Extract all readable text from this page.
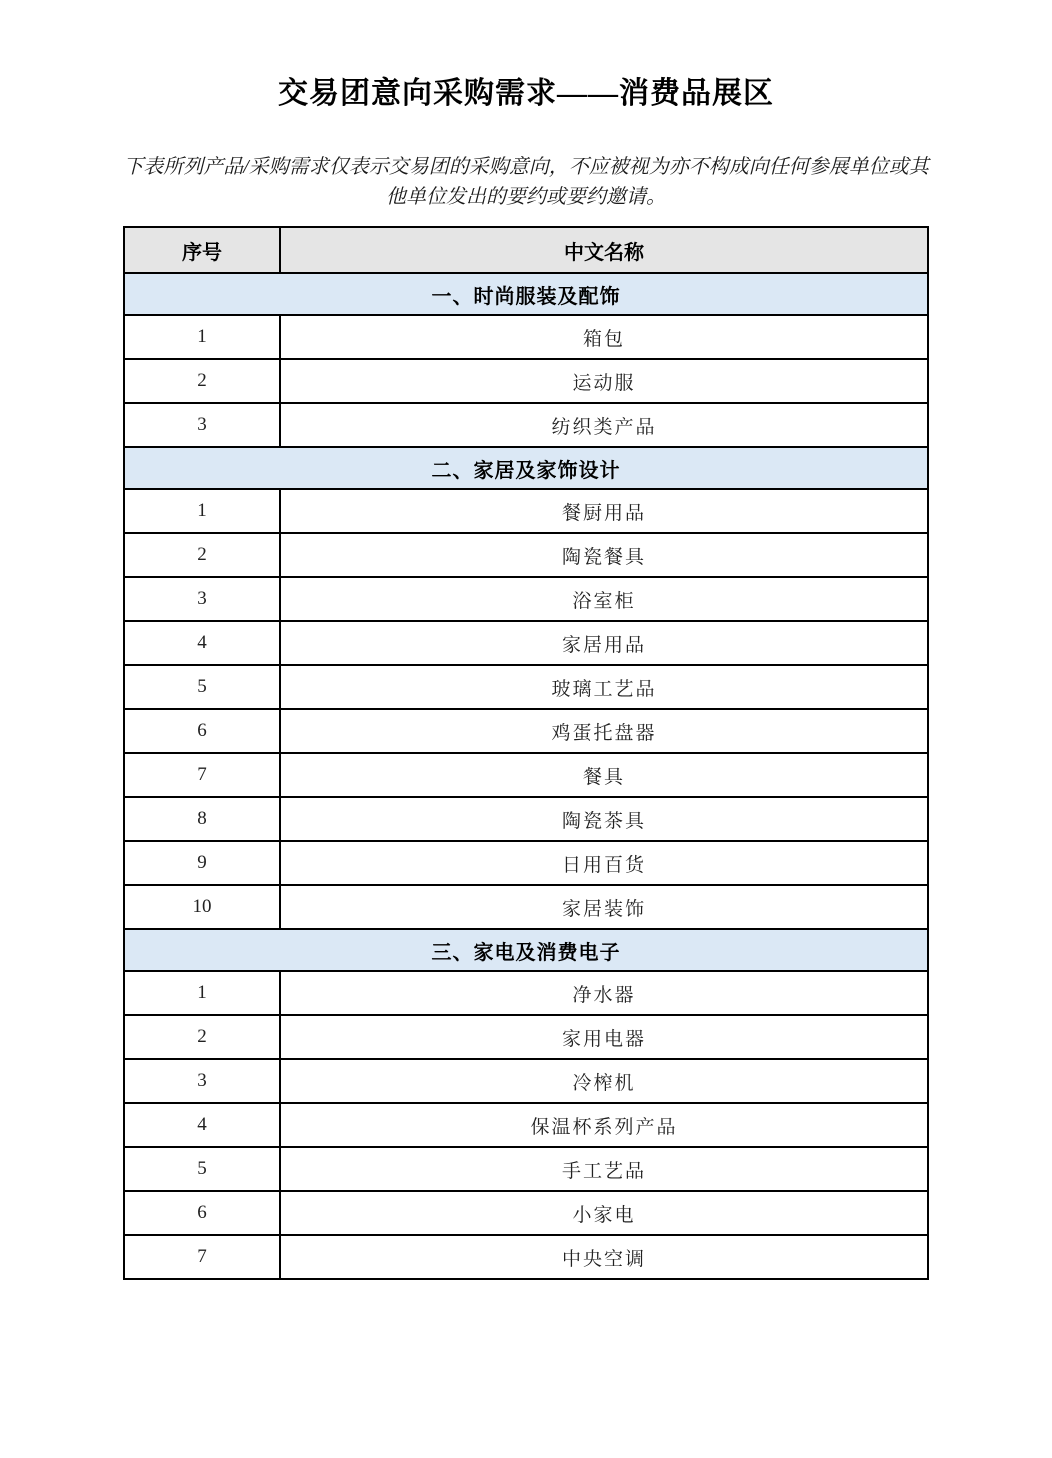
交易团意向采购需求——消费品展区

下表所列产品/采购需求仅表示交易团的采购意向，不应被视为亦不构成向任何参展单位或其他单位发出的要约或要约邀请。

序号	中文名称
一、时尚服装及配饰	
1	箱包
2	运动服
3	纺织类产品
二、家居及家饰设计	
1	餐厨用品
2	陶瓷餐具
3	浴室柜
4	家居用品
5	玻璃工艺品
6	鸡蛋托盘器
7	餐具
8	陶瓷茶具
9	日用百货
10	家居装饰
三、家电及消费电子	
1	净水器
2	家用电器
3	冷榨机
4	保温杯系列产品
5	手工艺品
6	小家电
7	中央空调
